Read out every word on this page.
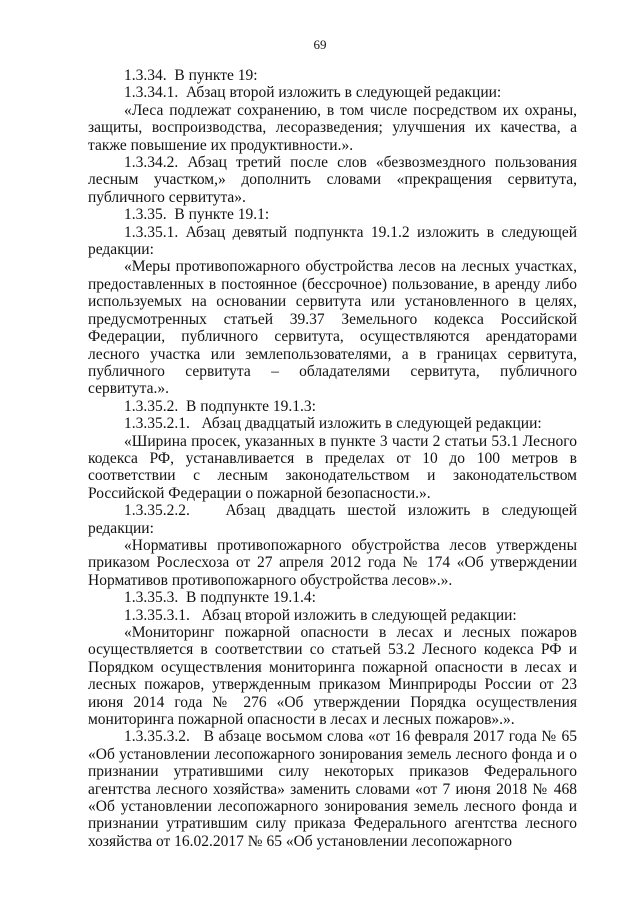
69

1.3.34.  В пункте 19:

1.3.34.1.  Абзац второй изложить в следующей редакции:

«Леса подлежат сохранению, в том числе посредством их охраны, защиты, воспроизводства, лесоразведения; улучшения их качества, а также повышение их продуктивности.».

1.3.34.2. Абзац третий после слов «безвозмездного пользования лесным участком,» дополнить словами «прекращения сервитута, публичного сервитута».

1.3.35.  В пункте 19.1:

1.3.35.1. Абзац девятый подпункта 19.1.2 изложить в следующей редакции:

«Меры противопожарного обустройства лесов на лесных участках, предоставленных в постоянное (бессрочное) пользование, в аренду либо используемых на основании сервитута или установленного в целях, предусмотренных статьей 39.37 Земельного кодекса Российской Федерации, публичного сервитута, осуществляются арендаторами лесного участка или землепользователями, а в границах сервитута, публичного сервитута – обладателями сервитута, публичного сервитута.».

1.3.35.2.  В подпункте 19.1.3:

1.3.35.2.1.   Абзац двадцатый изложить в следующей редакции:

«Ширина просек, указанных в пункте 3 части 2 статьи 53.1 Лесного кодекса РФ, устанавливается в пределах от 10 до 100 метров в соответствии с лесным законодательством и законодательством Российской Федерации о пожарной безопасности.».

1.3.35.2.2.   Абзац двадцать шестой изложить в следующей редакции:

«Нормативы противопожарного обустройства лесов утверждены приказом Рослесхоза от 27 апреля 2012 года № 174 «Об утверждении Нормативов противопожарного обустройства лесов».».

1.3.35.3.  В подпункте 19.1.4:

1.3.35.3.1.   Абзац второй изложить в следующей редакции:

«Мониторинг пожарной опасности в лесах и лесных пожаров осуществляется в соответствии со статьей 53.2 Лесного кодекса РФ и Порядком осуществления мониторинга пожарной опасности в лесах и лесных пожаров, утвержденным приказом Минприроды России от 23 июня 2014 года № 276 «Об утверждении Порядка осуществления мониторинга пожарной опасности в лесах и лесных пожаров».».

1.3.35.3.2.   В абзаце восьмом слова «от 16 февраля 2017 года № 65 «Об установлении лесопожарного зонирования земель лесного фонда и о признании утратившими силу некоторых приказов Федерального агентства лесного хозяйства» заменить словами «от 7 июня 2018 № 468 «Об установлении лесопожарного зонирования земель лесного фонда и признании утратившим силу приказа Федерального агентства лесного хозяйства от 16.02.2017 № 65 «Об установлении лесопожарного
